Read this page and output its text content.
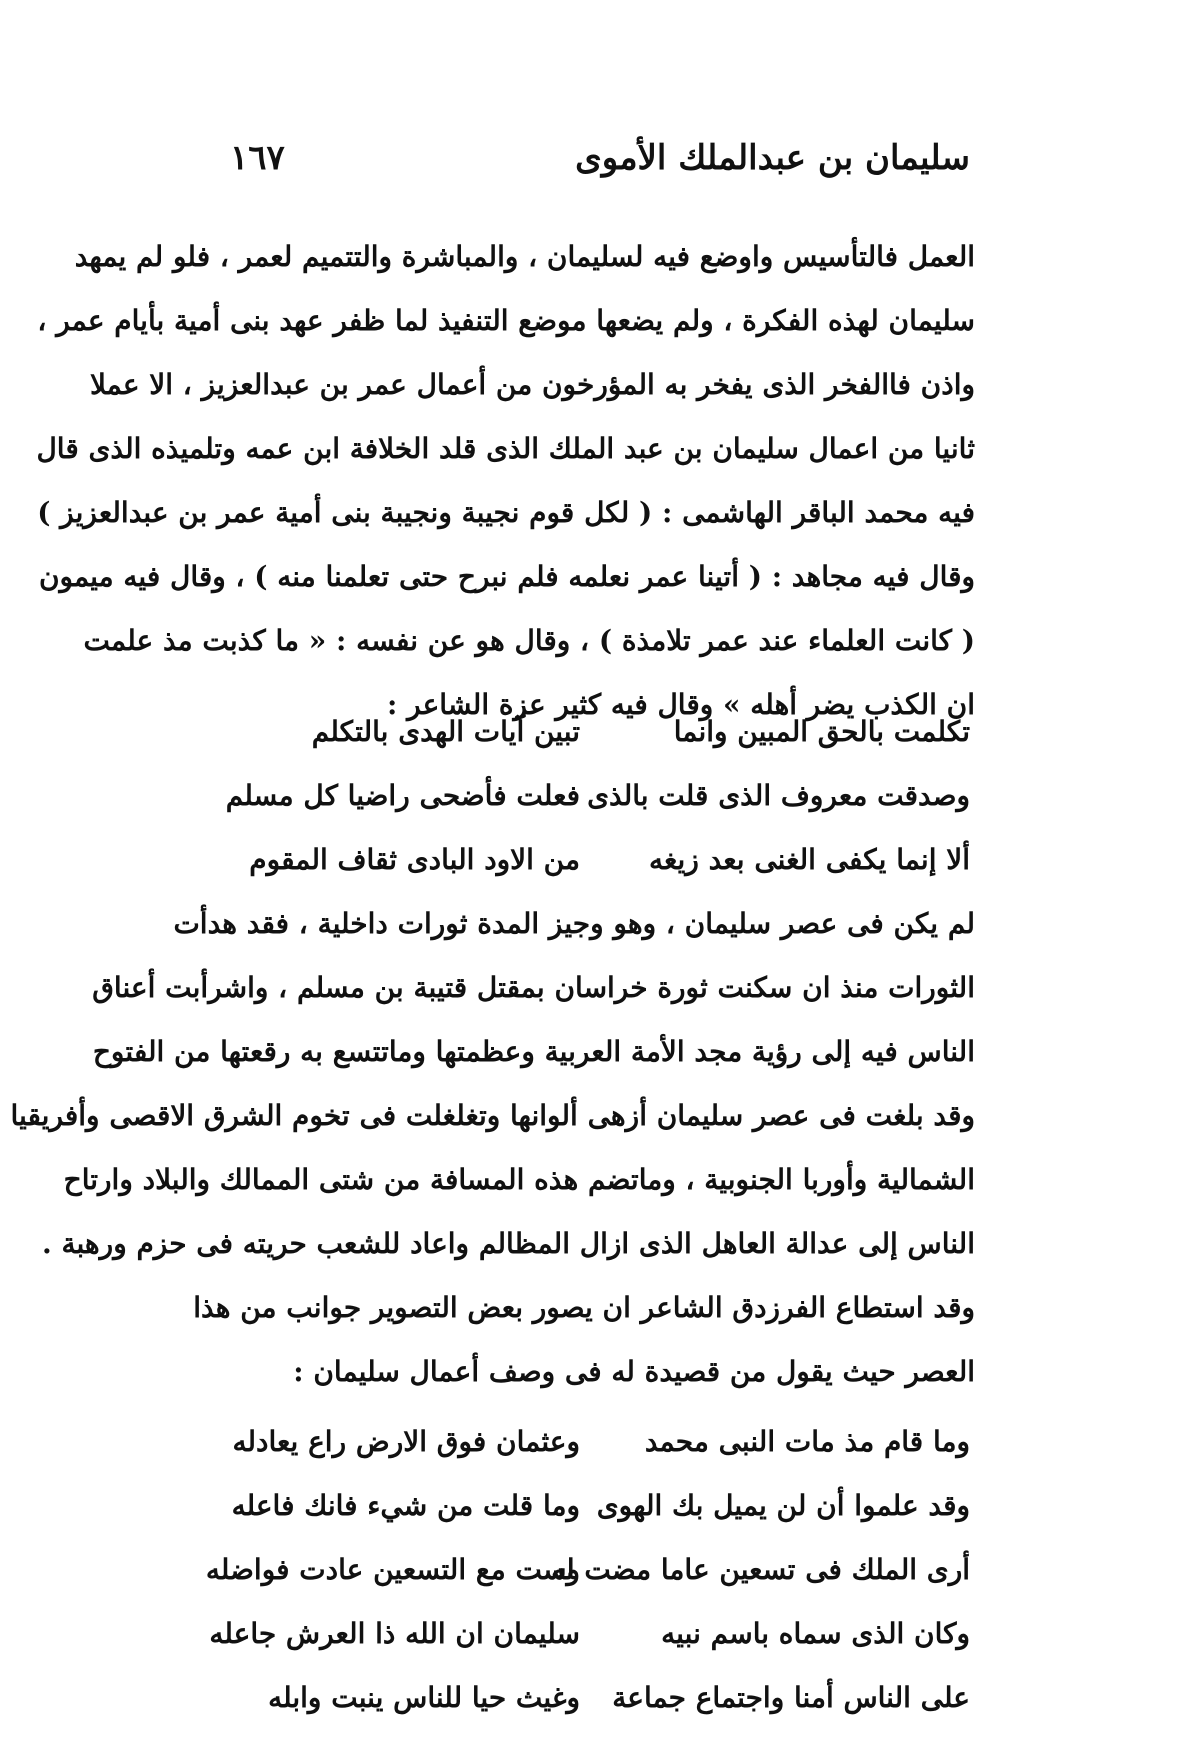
سليمان بن عبدالملك الأموى
١٦٧
العمل فالتأسيس واوضع فيه لسليمان ، والمباشرة والتتميم لعمر ، فلو لم يمهد
سليمان لهذه الفكرة ، ولم يضعها موضع التنفيذ لما ظفر عهد بنى أمية بأيام عمر ،
واذن فاالفخر الذى يفخر به المؤرخون من أعمال عمر بن عبدالعزيز ، الا عملا
ثانيا من اعمال سليمان بن عبد الملك الذى قلد الخلافة ابن عمه وتلميذه الذى قال
فيه محمد الباقر الهاشمى : ( لكل قوم نجيبة ونجيبة بنى أمية عمر بن عبدالعزيز )
وقال فيه مجاهد : ( أتينا عمر نعلمه فلم نبرح حتى تعلمنا منه ) ، وقال فيه ميمون
( كانت العلماء عند عمر تلامذة ) ، وقال هو عن نفسه : « ما كذبت مذ علمت
ان الكذب يضر أهله » وقال فيه كثير عزة الشاعر :
تكلمت بالحق المبين وانما
تبين آيات الهدى بالتكلم
وصدقت معروف الذى قلت بالذى
فعلت فأضحى راضيا كل مسلم
ألا إنما يكفى الغنى بعد زيغه
من الاود البادى ثقاف المقوم
لم يكن فى عصر سليمان ، وهو وجيز المدة ثورات داخلية ، فقد هدأت
الثورات منذ ان سكنت ثورة خراسان بمقتل قتيبة بن مسلم ، واشرأبت أعناق
الناس فيه إلى رؤية مجد الأمة العربية وعظمتها وماتتسع به رقعتها من الفتوح
وقد بلغت فى عصر سليمان أزهى ألوانها وتغلغلت فى تخوم الشرق الاقصى وأفريقيا
الشمالية وأوربا الجنوبية ، وماتضم هذه المسافة من شتى الممالك والبلاد وارتاح
الناس إلى عدالة العاهل الذى ازال المظالم واعاد للشعب حريته فى حزم ورهبة .
وقد استطاع الفرزدق الشاعر ان يصور بعض التصوير جوانب من هذا
العصر حيث يقول من قصيدة له فى وصف أعمال سليمان :
وما قام مذ مات النبى محمد
وعثمان فوق الارض راع يعادله
وقد علموا أن لن يميل بك الهوى
وما قلت من شيء فانك فاعله
أرى الملك فى تسعين عاما مضت له
وست مع التسعين عادت فواضله
وكان الذى سماه باسم نبيه
سليمان ان الله ذا العرش جاعله
على الناس أمنا واجتماع جماعة
وغيث حيا للناس ينبت وابله
